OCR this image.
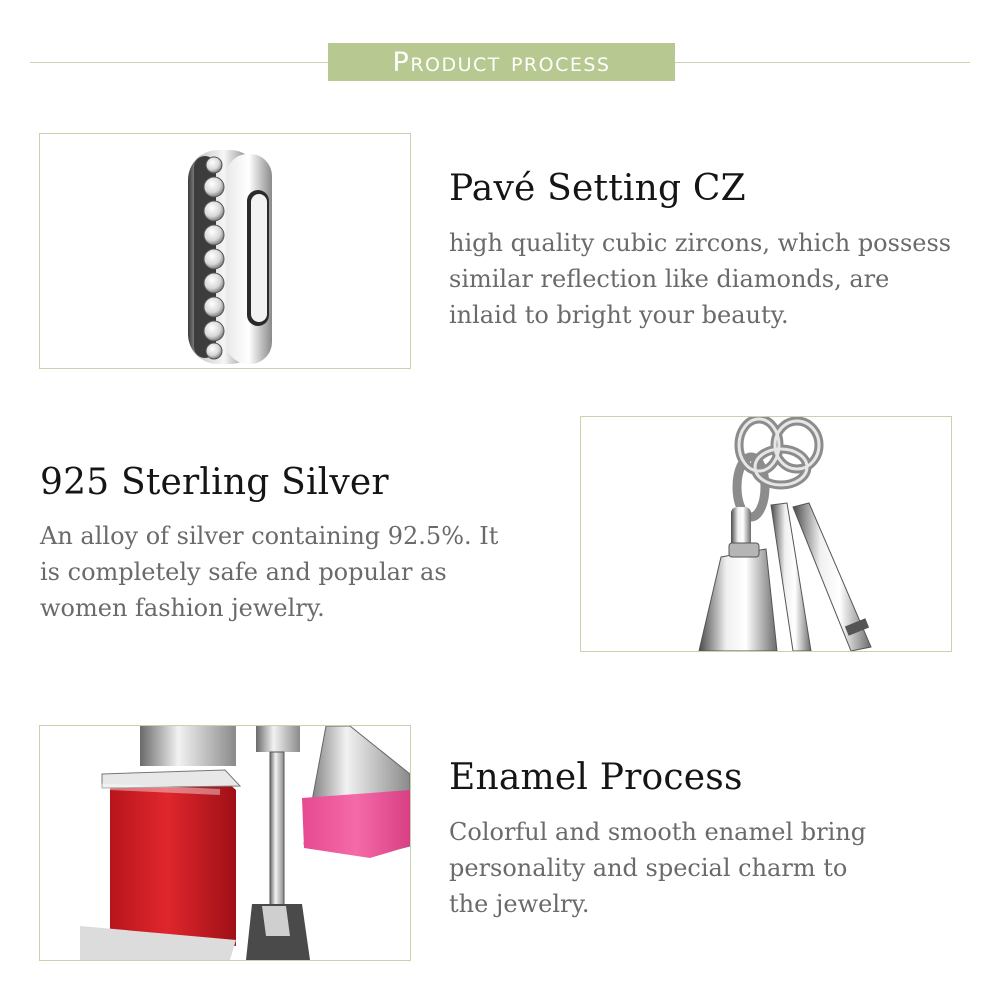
Product process
Pavé Setting CZ
high quality cubic zircons, which possess
similar reflection like diamonds, are
inlaid to bright your beauty.
925 Sterling Silver
An alloy of silver containing 92.5%. It
is completely safe and popular as
women fashion jewelry.
Enamel Process
Colorful and smooth enamel bring
personality and special charm to
the jewelry.
